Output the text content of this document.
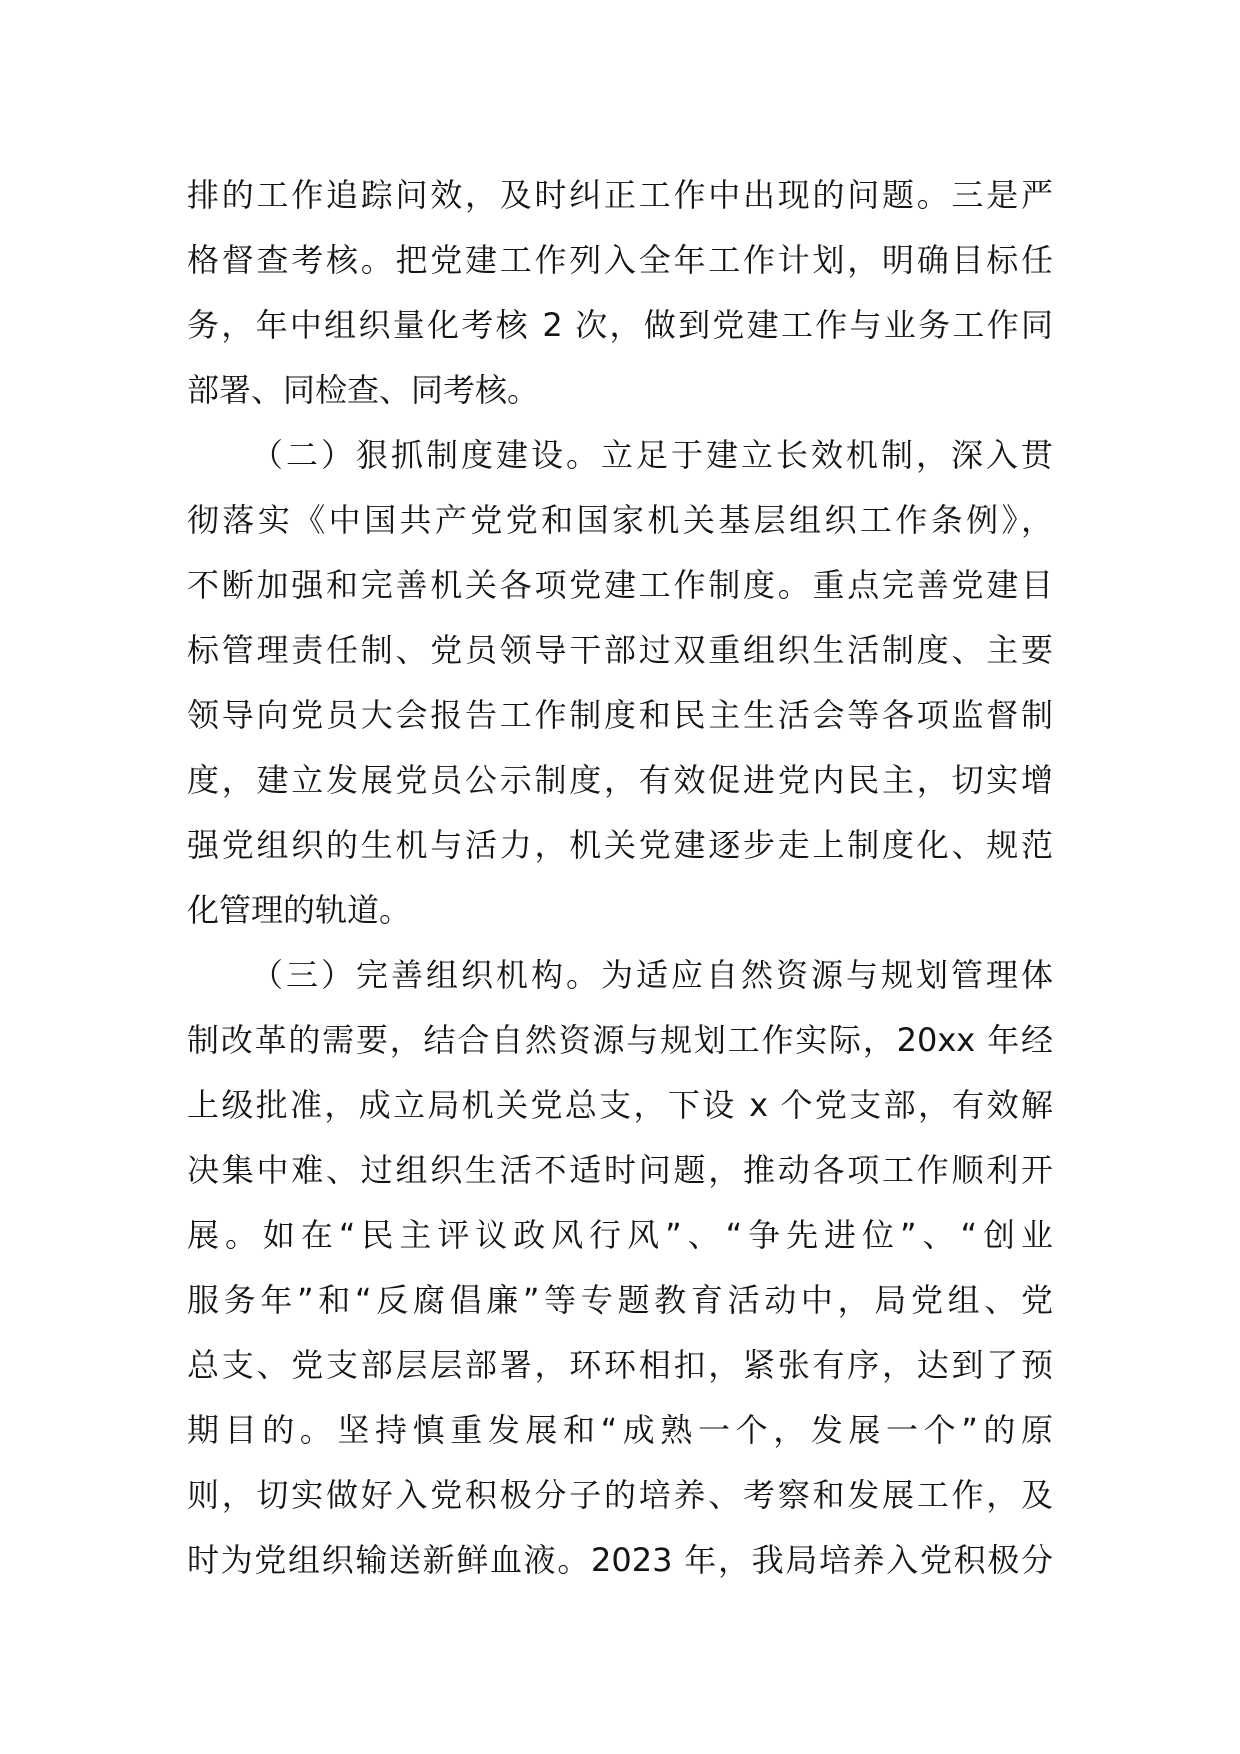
排的工作追踪问效，及时纠正工作中出现的问题。三是严
格督查考核。把党建工作列入全年工作计划，明确目标任
务，年中组织量化考核 2 次，做到党建工作与业务工作同
部署、同检查、同考核。
（二）狠抓制度建设。立足于建立长效机制，深入贯
彻落实《中国共产党党和国家机关基层组织工作条例》，
不断加强和完善机关各项党建工作制度。重点完善党建目
标管理责任制、党员领导干部过双重组织生活制度、主要
领导向党员大会报告工作制度和民主生活会等各项监督制
度，建立发展党员公示制度，有效促进党内民主，切实增
强党组织的生机与活力，机关党建逐步走上制度化、规范
化管理的轨道。
（三）完善组织机构。为适应自然资源与规划管理体
制改革的需要，结合自然资源与规划工作实际，20xx 年经
上级批准，成立局机关党总支，下设 x 个党支部，有效解
决集中难、过组织生活不适时问题，推动各项工作顺利开
展。如在“民主评议政风行风”、“争先进位”、“创业
服务年”和“反腐倡廉”等专题教育活动中，局党组、党
总支、党支部层层部署，环环相扣，紧张有序，达到了预
期目的。坚持慎重发展和“成熟一个，发展一个”的原
则，切实做好入党积极分子的培养、考察和发展工作，及
时为党组织输送新鲜血液。2023 年，我局培养入党积极分
